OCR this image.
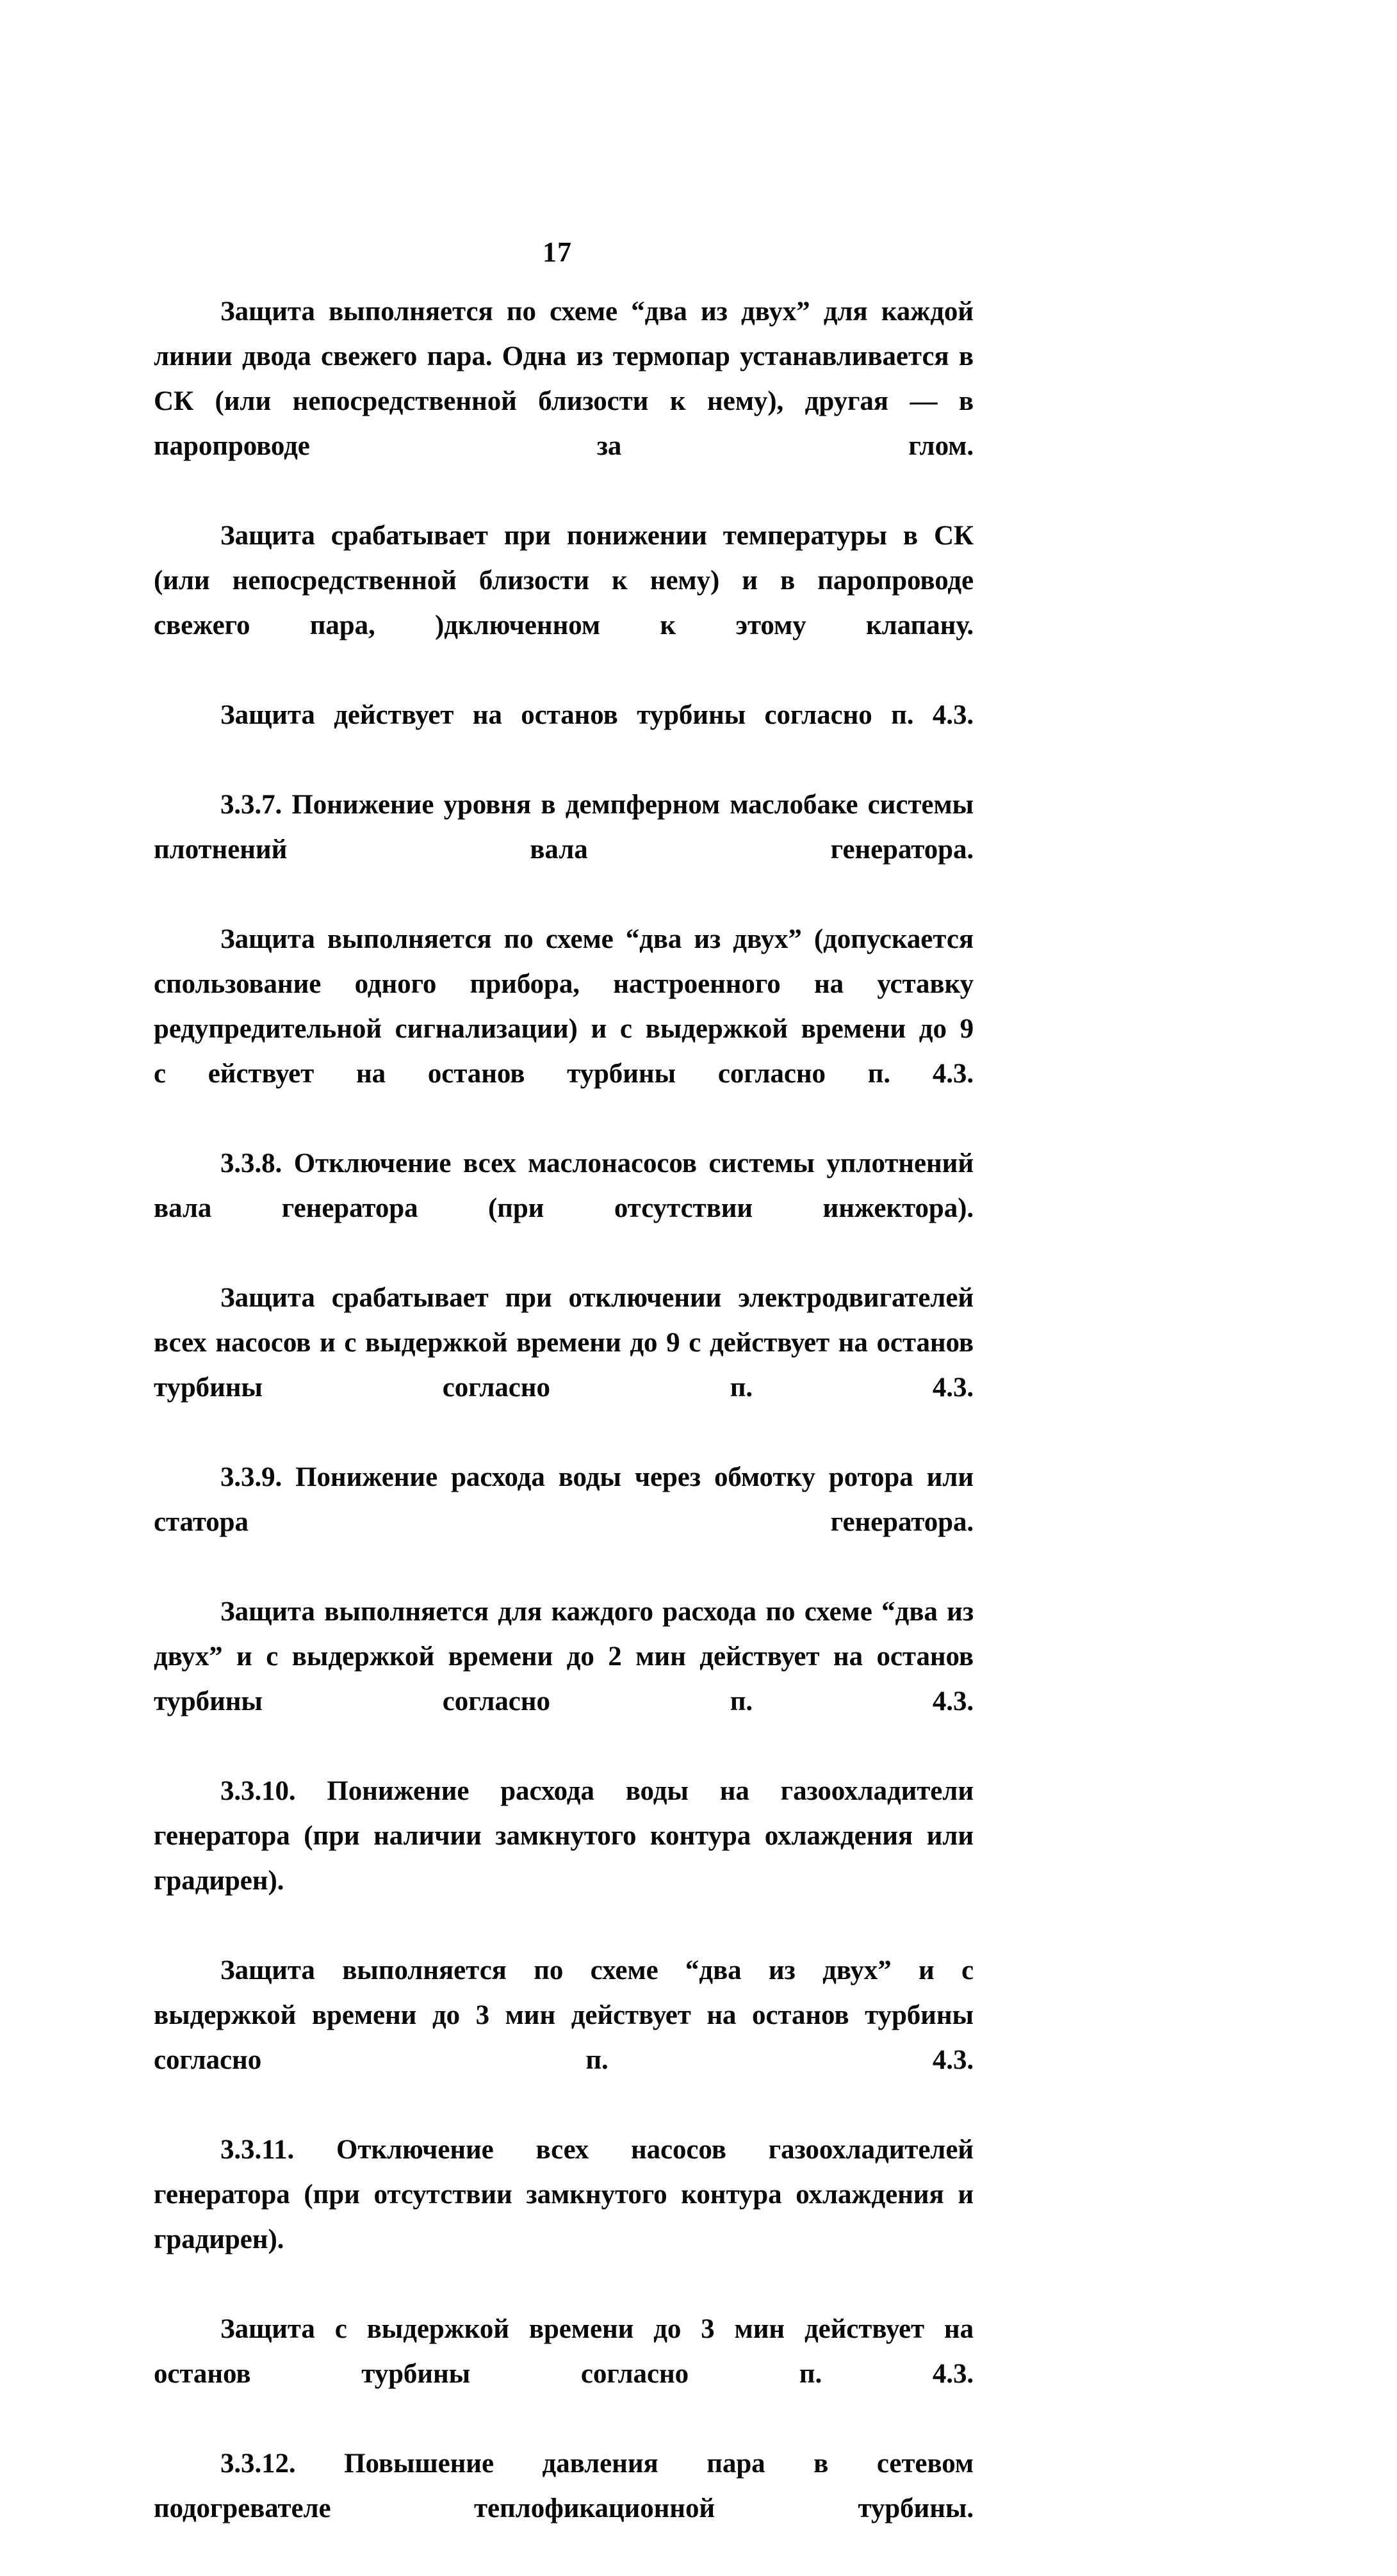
17

Защита выполняется по схеме “два из двух” для каждой линии двода свежего пара. Одна из термопар устанавливается в СК (или непосредственной близости к нему), другая — в паропроводе за глом.

Защита срабатывает при понижении температуры в СК (или непосредственной близости к нему) и в паропроводе свежего пара, )дключенном к этому клапану.

Защита действует на останов турбины согласно п. 4.3.

3.3.7. Понижение уровня в демпферном маслобаке системы плотнений вала генератора.

Защита выполняется по схеме “два из двух” (допускается спользование одного прибора, настроенного на уставку редупредительной сигнализации) и с выдержкой времени до 9 с ействует на останов турбины согласно п. 4.3.

3.3.8. Отключение всех маслонасосов системы уплотнений вала генератора (при отсутствии инжектора).

Защита срабатывает при отключении электродвигателей всех насосов и с выдержкой времени до 9 с действует на останов турбины согласно п. 4.3.

3.3.9. Понижение расхода воды через обмотку ротора или статора генератора.

Защита выполняется для каждого расхода по схеме “два из двух” и с выдержкой времени до 2 мин действует на останов турбины согласно п. 4.3.

3.3.10. Понижение расхода воды на газоохладители генератора (при наличии замкнутого контура охлаждения или градирен).

Защита выполняется по схеме “два из двух” и с выдержкой времени до 3 мин действует на останов турбины согласно п. 4.3.

3.3.11. Отключение всех насосов газоохладителей генератора (при отсутствии замкнутого контура охлаждения и градирен).

Защита с выдержкой времени до 3 мин действует на останов турбины согласно п. 4.3.

3.3.12. Повышение давления пара в сетевом подогревателе теплофикационной турбины.
